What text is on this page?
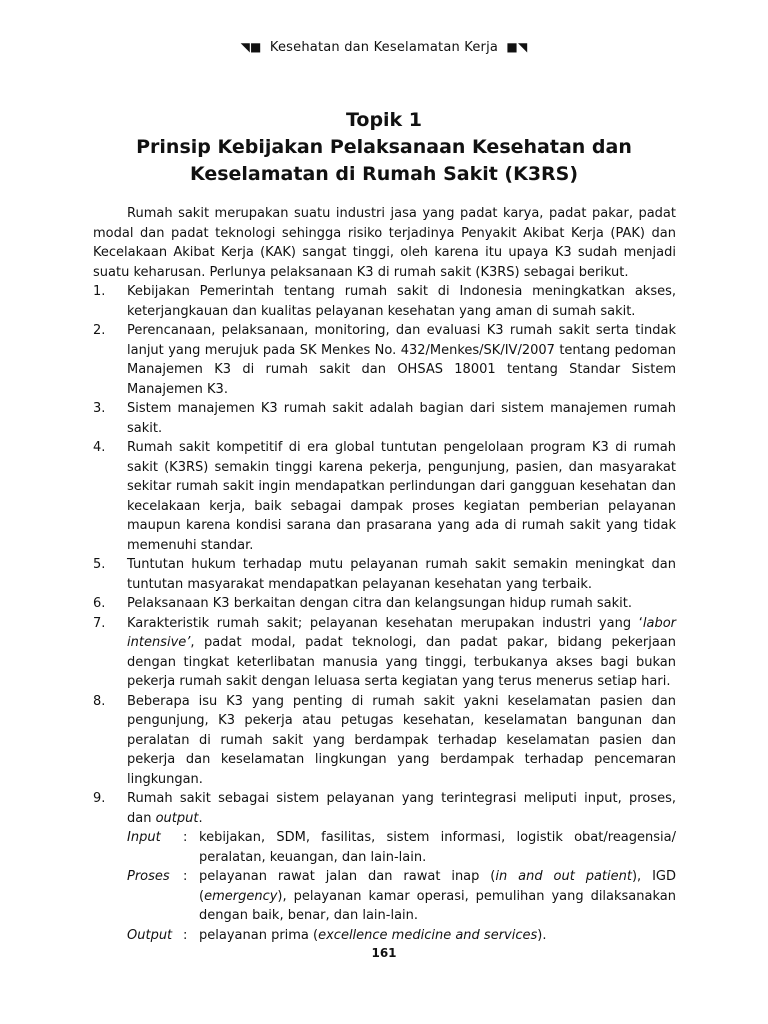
◥■ Kesehatan dan Keselamatan Kerja ■◥
Topik 1
Prinsip Kebijakan Pelaksanaan Kesehatan dan
Keselamatan di Rumah Sakit (K3RS)

Rumah sakit merupakan suatu industri jasa yang padat karya, padat pakar, padat modal dan padat teknologi sehingga risiko terjadinya Penyakit Akibat Kerja (PAK) dan Kecelakaan Akibat Kerja (KAK) sangat tinggi, oleh karena itu upaya K3 sudah menjadi suatu keharusan. Perlunya pelaksanaan K3 di rumah sakit (K3RS) sebagai berikut.

1. Kebijakan Pemerintah tentang rumah sakit di Indonesia meningkatkan akses, keterjangkauan dan kualitas pelayanan kesehatan yang aman di sumah sakit.
2. Perencanaan, pelaksanaan, monitoring, dan evaluasi K3 rumah sakit serta tindak lanjut yang merujuk pada SK Menkes No. 432/Menkes/SK/IV/2007 tentang pedoman Manajemen K3 di rumah sakit dan OHSAS 18001 tentang Standar Sistem Manajemen K3.
3. Sistem manajemen K3 rumah sakit adalah bagian dari sistem manajemen rumah sakit.
4. Rumah sakit kompetitif di era global tuntutan pengelolaan program K3 di rumah sakit (K3RS) semakin tinggi karena pekerja, pengunjung, pasien, dan masyarakat sekitar rumah sakit ingin mendapatkan perlindungan dari gangguan kesehatan dan kecelakaan kerja, baik sebagai dampak proses kegiatan pemberian pelayanan maupun karena kondisi sarana dan prasarana yang ada di rumah sakit yang tidak memenuhi standar.
5. Tuntutan hukum terhadap mutu pelayanan rumah sakit semakin meningkat dan tuntutan masyarakat mendapatkan pelayanan kesehatan yang terbaik.
6. Pelaksanaan K3 berkaitan dengan citra dan kelangsungan hidup rumah sakit.
7. Karakteristik rumah sakit; pelayanan kesehatan merupakan industri yang ‘labor intensive’, padat modal, padat teknologi, dan padat pakar, bidang pekerjaan dengan tingkat keterlibatan manusia yang tinggi, terbukanya akses bagi bukan pekerja rumah sakit dengan leluasa serta kegiatan yang terus menerus setiap hari.
8. Beberapa isu K3 yang penting di rumah sakit yakni keselamatan pasien dan pengunjung, K3 pekerja atau petugas kesehatan, keselamatan bangunan dan peralatan di rumah sakit yang berdampak terhadap keselamatan pasien dan pekerja dan keselamatan lingkungan yang berdampak terhadap pencemaran lingkungan.
9. Rumah sakit sebagai sistem pelayanan yang terintegrasi meliputi input, proses, dan output.
Input	: kebijakan, SDM, fasilitas, sistem informasi, logistik obat/reagensia/ peralatan, keuangan, dan lain-lain.
Proses	: pelayanan rawat jalan dan rawat inap (in and out patient), IGD (emergency), pelayanan kamar operasi, pemulihan yang dilaksanakan dengan baik, benar, dan lain-lain.
Output : pelayanan prima (excellence medicine and services).
161
